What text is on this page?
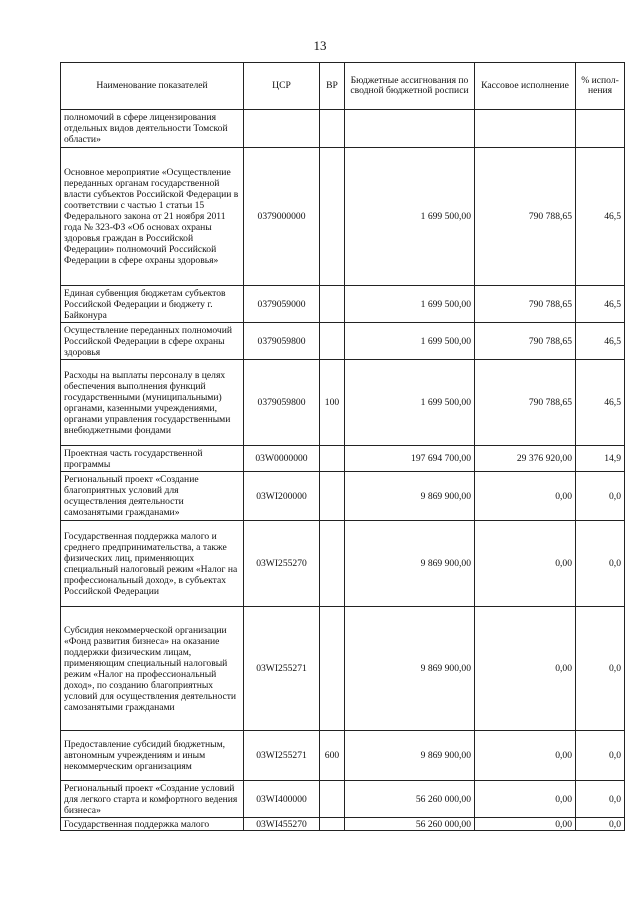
13
Наименование показателей	ЦСР	ВР	Бюджетные ассигнования по сводной бюджетной росписи	Кассовое исполнение	% испол-нения
полномочий в сфере лицензирования отдельных видов деятельности Томской области»					
Основное мероприятие «Осуществление переданных органам государственной власти субъектов Российской Федерации в соответствии с частью 1 статьи 15 Федерального закона от 21 ноября 2011 года № 323-ФЗ «Об основах охраны здоровья граждан в Российской Федерации» полномочий Российской Федерации в сфере охраны здоровья»	0379000000		1 699 500,00	790 788,65	46,5
Единая субвенция бюджетам субъектов Российской Федерации и бюджету г. Байконура	0379059000		1 699 500,00	790 788,65	46,5
Осуществление переданных полномочий Российской Федерации в сфере охраны здоровья	0379059800		1 699 500,00	790 788,65	46,5
Расходы на выплаты персоналу в целях обеспечения выполнения функций государственными (муниципальными) органами, казенными учреждениями, органами управления государственными внебюджетными фондами	0379059800	100	1 699 500,00	790 788,65	46,5
Проектная часть государственной программы	03W0000000		197 694 700,00	29 376 920,00	14,9
Региональный проект «Создание благоприятных условий для осуществления деятельности самозанятыми гражданами»	03WI200000		9 869 900,00	0,00	0,0
Государственная поддержка малого и среднего предпринимательства, а также физических лиц, применяющих специальный налоговый режим «Налог на профессиональный доход», в субъектах Российской Федерации	03WI255270		9 869 900,00	0,00	0,0
Субсидия некоммерческой организации «Фонд развития бизнеса» на оказание поддержки физическим лицам, применяющим специальный налоговый режим «Налог на профессиональный доход», по созданию благоприятных условий для осуществления деятельности самозанятыми гражданами	03WI255271		9 869 900,00	0,00	0,0
Предоставление субсидий бюджетным, автономным учреждениям и иным некоммерческим организациям	03WI255271	600	9 869 900,00	0,00	0,0
Региональный проект «Создание условий для легкого старта и комфортного ведения бизнеса»	03WI400000		56 260 000,00	0,00	0,0
Государственная поддержка малого	03WI455270		56 260 000,00	0,00	0,0
